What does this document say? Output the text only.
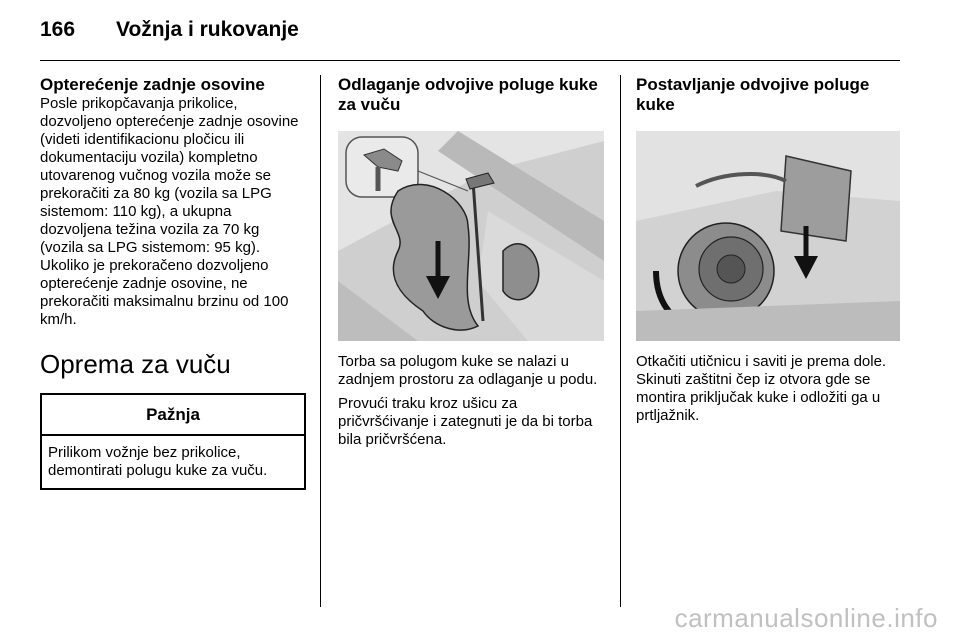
166 Vožnja i rukovanje
Opterećenje zadnje osovine

Posle prikopčavanja prikolice, dozvoljeno opterećenje zadnje osovine (videti identifikacionu pločicu ili dokumentaciju vozila) kompletno utovarenog vučnog vozila može se prekoračiti za 80 kg (vozila sa LPG sistemom: 110 kg), a ukupna dozvoljena težina vozila za 70 kg (vozila sa LPG sistemom: 95 kg). Ukoliko je prekoračeno dozvoljeno opterećenje zadnje osovine, ne prekoračiti maksimalnu brzinu od 100 km/h.

Oprema za vuču
Pažnja
Prilikom vožnje bez prikolice, demontirati polugu kuke za vuču.
Odlaganje odvojive poluge kuke za vuču

Torba sa polugom kuke se nalazi u zadnjem prostoru za odlaganje u podu.

Provući traku kroz ušicu za pričvršćivanje i zategnuti je da bi torba bila pričvršćena.

Postavljanje odvojive poluge kuke

Otkačiti utičnicu i saviti je prema dole. Skinuti zaštitni čep iz otvora gde se montira priključak kuke i odložiti ga u prtljažnik.

carmanualsonline.info
